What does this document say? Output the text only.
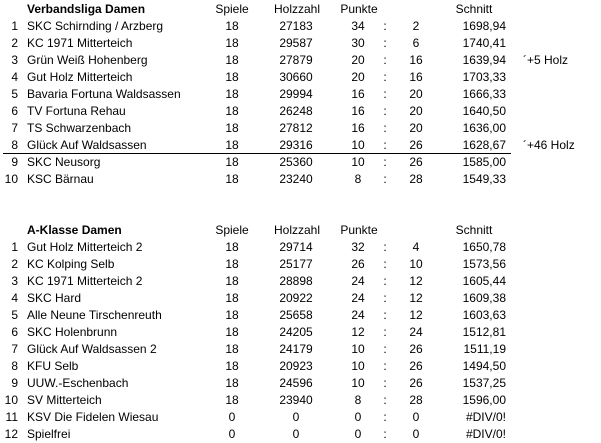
Verbandsliga Damen	Spiele	Holzzahl	Punkte	Schnitt
1 SKC Schirnding / Arzberg	18	27183	34	2	1698,94
:
2 KC 1971 Mitterteich	18	29587	30	6	1740,41
:
3 Grün Weiß Hohenberg	18	27879	20	16	1639,94 ´+5 Holz
:
4 Gut Holz Mitterteich	18	30660	20	16	1703,33
:
5 Bavaria Fortuna Waldsassen	18	29994	16	20	1666,33
:
6 TV Fortuna Rehau	18	26248	16	20	1640,50
:
7 TS Schwarzenbach	18	27812	16	20	1636,00
:
8 Glück Auf Waldsassen	18	29316	10	26	1628,67 ´+46 Holz
:
9 SKC Neusorg	18	25360	10	26	1585,00
:
10 KSC Bärnau	18	23240	8	28	1549,33
:
A-Klasse Damen	Spiele	Holzzahl	Punkte	Schnitt
1 Gut Holz Mitterteich 2	18	29714	32	4	1650,78
:
2 KC Kolping Selb	18	25177	26	10	1573,56
:
3 KC 1971 Mitterteich 2	18	28898	24	12	1605,44
:
4 SKC Hard	18	20922	24	12	1609,38
:
5 Alle Neune Tirschenreuth	18	25658	24	12	1603,63
:
6 SKC Holenbrunn	18	24205	12	24	1512,81
:
7 Glück Auf Waldsassen 2	18	24179	10	26	1511,19
:
8 KFU Selb	18	20923	10	26	1494,50
:
9 UUW.-Eschenbach	18	24596	10	26	1537,25
:
10 SV Mitterteich	18	23940	8	28	1596,00
:
11 KSV Die Fidelen Wiesau	0	0	0	0	#DIV/0!
:
12 Spielfrei	0	0	0	0	#DIV/0!
:
